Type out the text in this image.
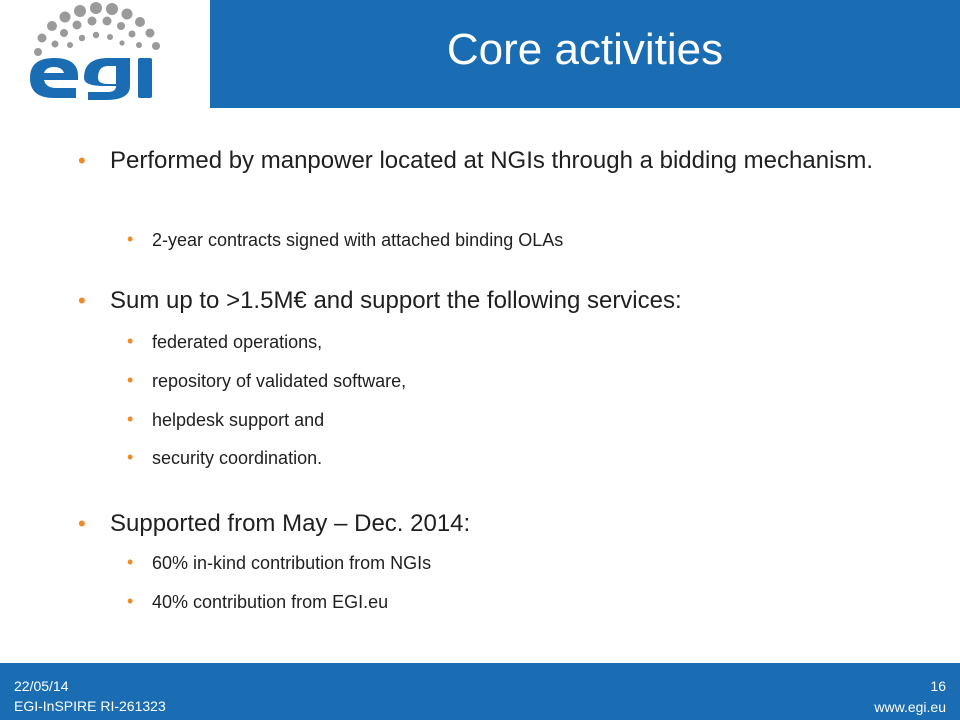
Core activities
• Performed by manpower located at NGIs through a bidding mechanism.
• 2-year contracts signed with attached binding OLAs
• Sum up to >1.5M€ and support the following services:
• federated operations,
• repository of validated software,
• helpdesk support and
• security coordination.
• Supported from May – Dec. 2014:
• 60% in-kind contribution from NGIs
• 40% contribution from EGI.eu
22/05/14
EGI-InSPIRE RI-261323
16
www.egi.eu
